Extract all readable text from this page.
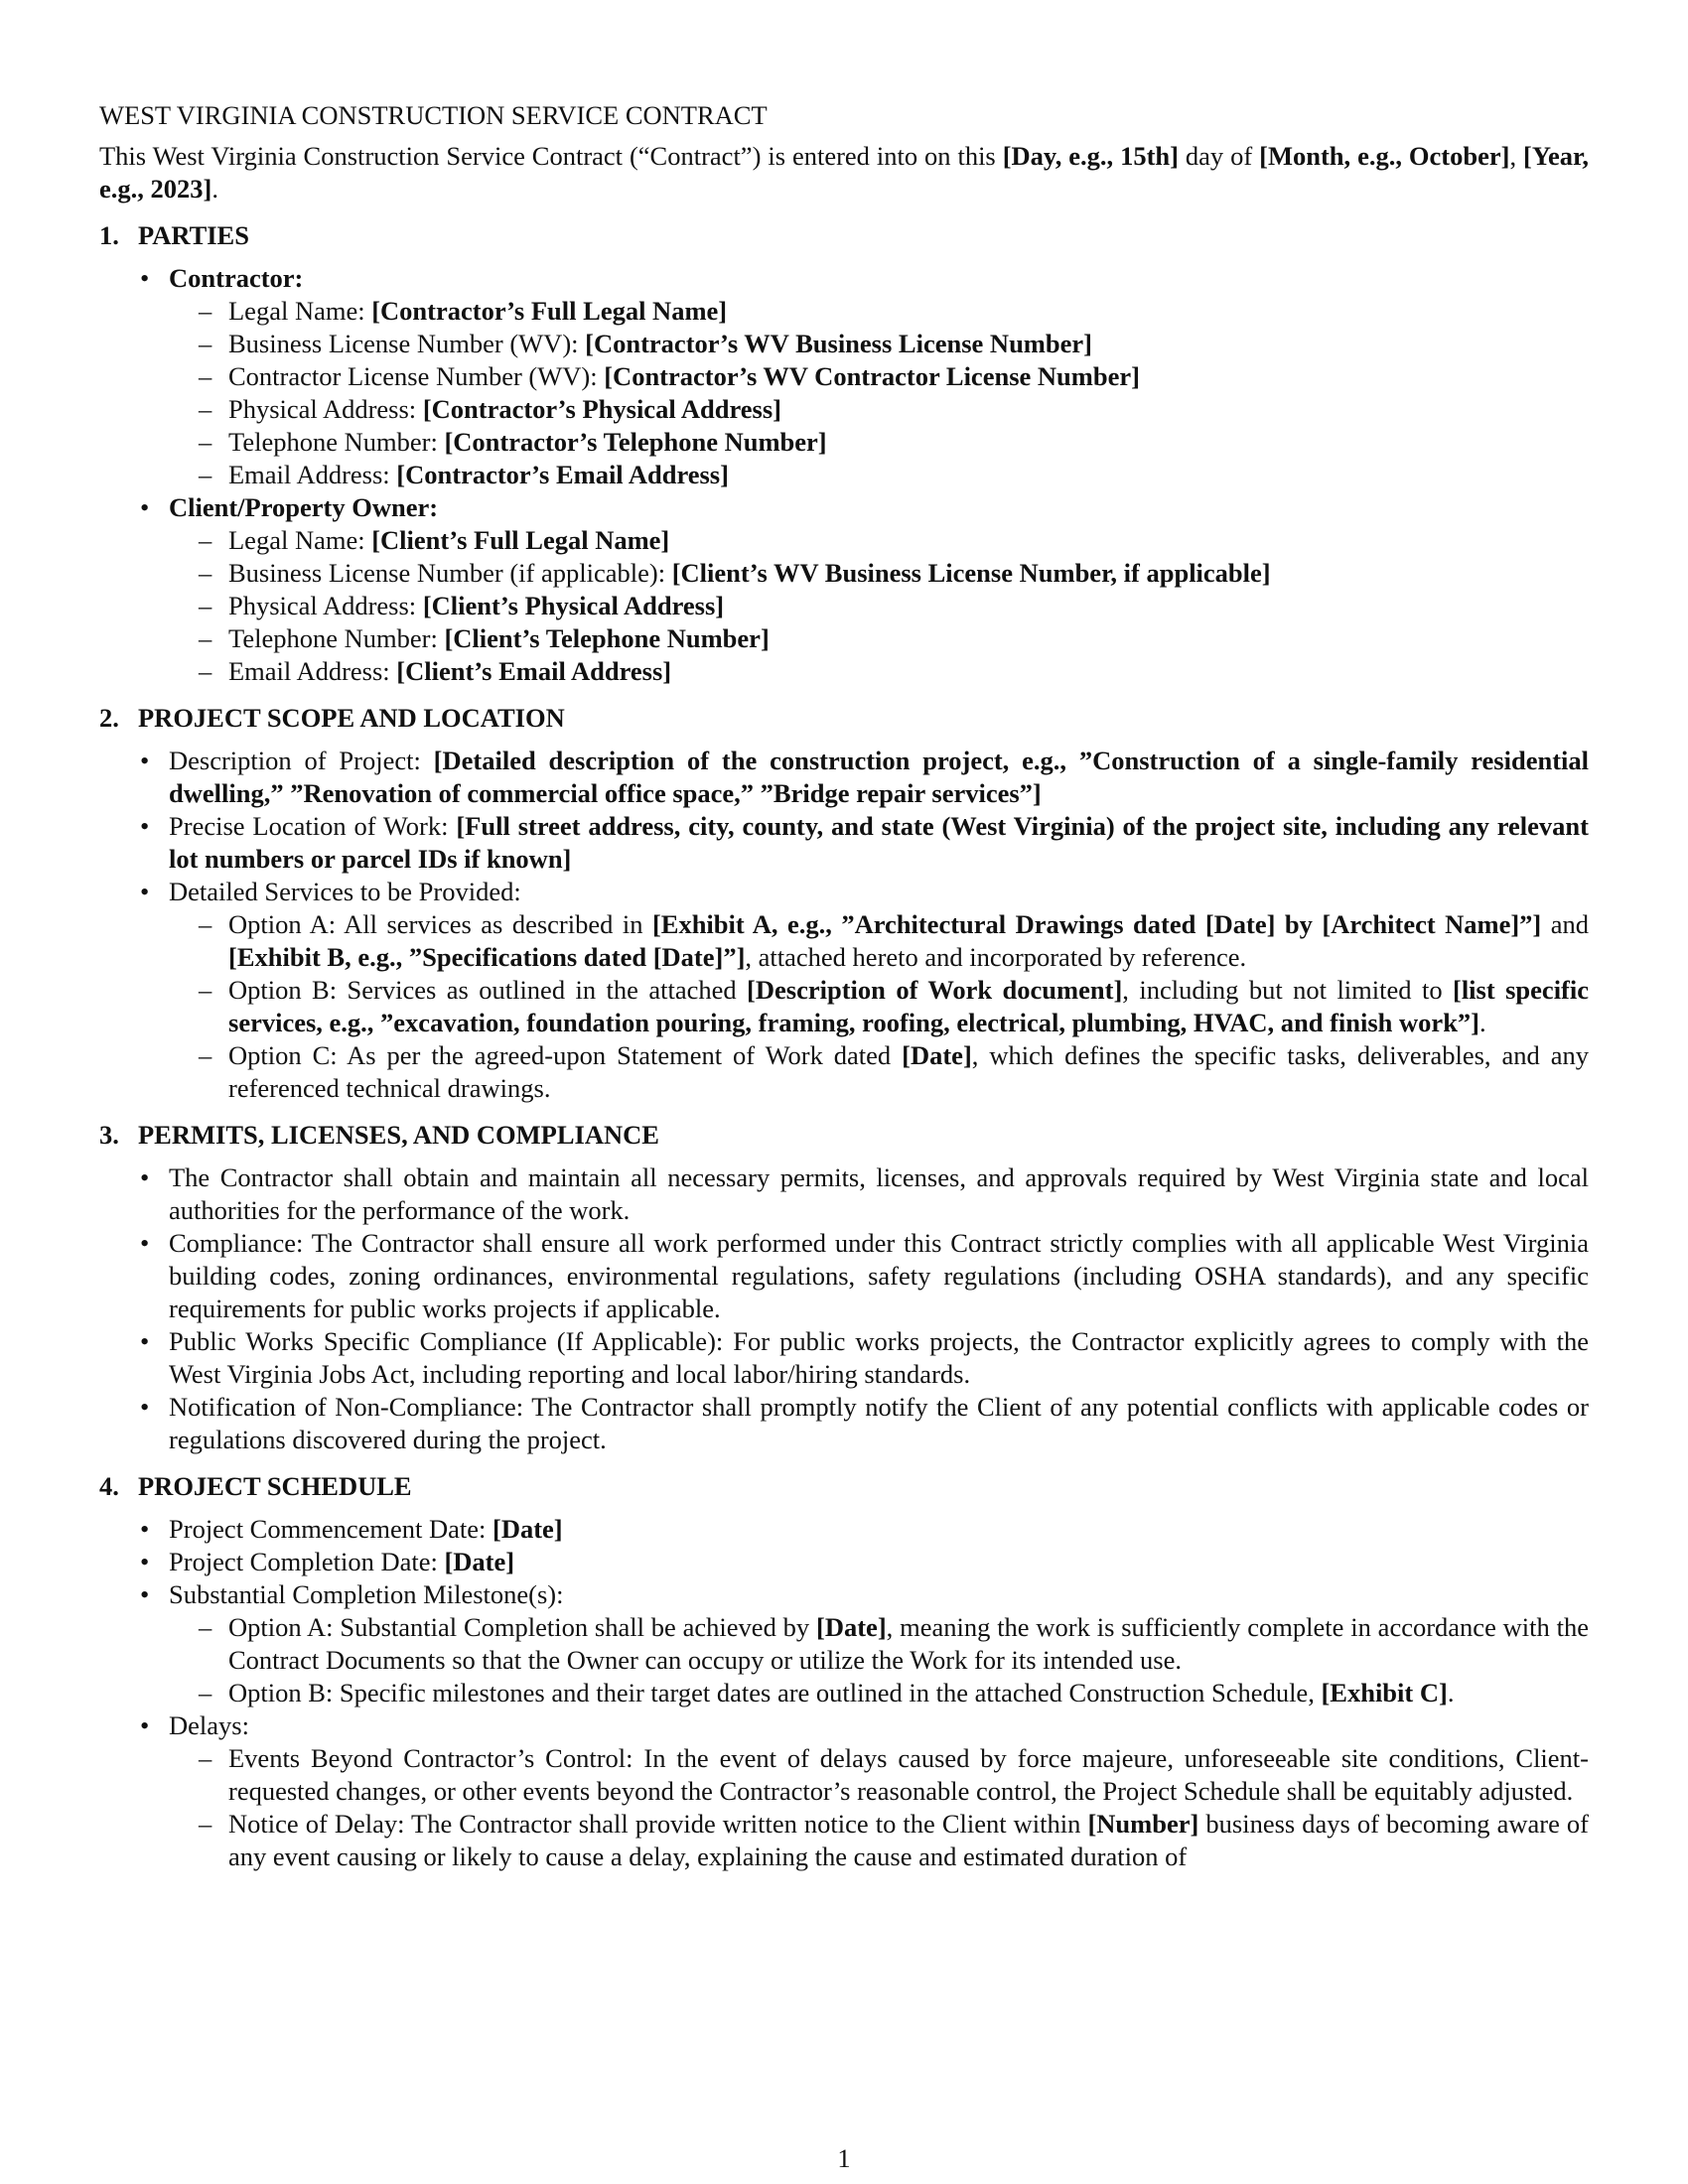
WEST VIRGINIA CONSTRUCTION SERVICE CONTRACT

This West Virginia Construction Service Contract (“Contract”) is entered into on this [Day, e.g., 15th] day of [Month, e.g., October], [Year, e.g., 2023].

1. PARTIES

• Contractor:
– Legal Name: [Contractor’s Full Legal Name]
– Business License Number (WV): [Contractor’s WV Business License Number]
– Contractor License Number (WV): [Contractor’s WV Contractor License Number]
– Physical Address: [Contractor’s Physical Address]
– Telephone Number: [Contractor’s Telephone Number]
– Email Address: [Contractor’s Email Address]
• Client/Property Owner:
– Legal Name: [Client’s Full Legal Name]
– Business License Number (if applicable): [Client’s WV Business License Number, if applicable]
– Physical Address: [Client’s Physical Address]
– Telephone Number: [Client’s Telephone Number]
– Email Address: [Client’s Email Address]

2. PROJECT SCOPE AND LOCATION

• Description of Project: [Detailed description of the construction project, e.g., ”Construction of a single-family residential dwelling,” ”Renovation of commercial office space,” ”Bridge repair services”]
• Precise Location of Work: [Full street address, city, county, and state (West Virginia) of the project site, including any relevant lot numbers or parcel IDs if known]
• Detailed Services to be Provided:
– Option A: All services as described in [Exhibit A, e.g., ”Architectural Drawings dated [Date] by [Architect Name]”] and [Exhibit B, e.g., ”Specifications dated [Date]”], attached hereto and incorporated by reference.
– Option B: Services as outlined in the attached [Description of Work document], including but not limited to [list specific services, e.g., ”excavation, foundation pouring, framing, roofing, electrical, plumbing, HVAC, and finish work”].
– Option C: As per the agreed-upon Statement of Work dated [Date], which defines the specific tasks, deliverables, and any referenced technical drawings.

3. PERMITS, LICENSES, AND COMPLIANCE

• The Contractor shall obtain and maintain all necessary permits, licenses, and approvals required by West Virginia state and local authorities for the performance of the work.
• Compliance: The Contractor shall ensure all work performed under this Contract strictly complies with all applicable West Virginia building codes, zoning ordinances, environmental regulations, safety regulations (including OSHA standards), and any specific requirements for public works projects if applicable.
• Public Works Specific Compliance (If Applicable): For public works projects, the Contractor explicitly agrees to comply with the West Virginia Jobs Act, including reporting and local labor/hiring standards.
• Notification of Non-Compliance: The Contractor shall promptly notify the Client of any potential conflicts with applicable codes or regulations discovered during the project.

4. PROJECT SCHEDULE

• Project Commencement Date: [Date]
• Project Completion Date: [Date]
• Substantial Completion Milestone(s):
– Option A: Substantial Completion shall be achieved by [Date], meaning the work is sufficiently complete in accordance with the Contract Documents so that the Owner can occupy or utilize the Work for its intended use.
– Option B: Specific milestones and their target dates are outlined in the attached Construction Schedule, [Exhibit C].
• Delays:
– Events Beyond Contractor’s Control: In the event of delays caused by force majeure, unforeseeable site conditions, Client-requested changes, or other events beyond the Contractor’s reasonable control, the Project Schedule shall be equitably adjusted.
– Notice of Delay: The Contractor shall provide written notice to the Client within [Number] business days of becoming aware of any event causing or likely to cause a delay, explaining the cause and estimated duration of
1
